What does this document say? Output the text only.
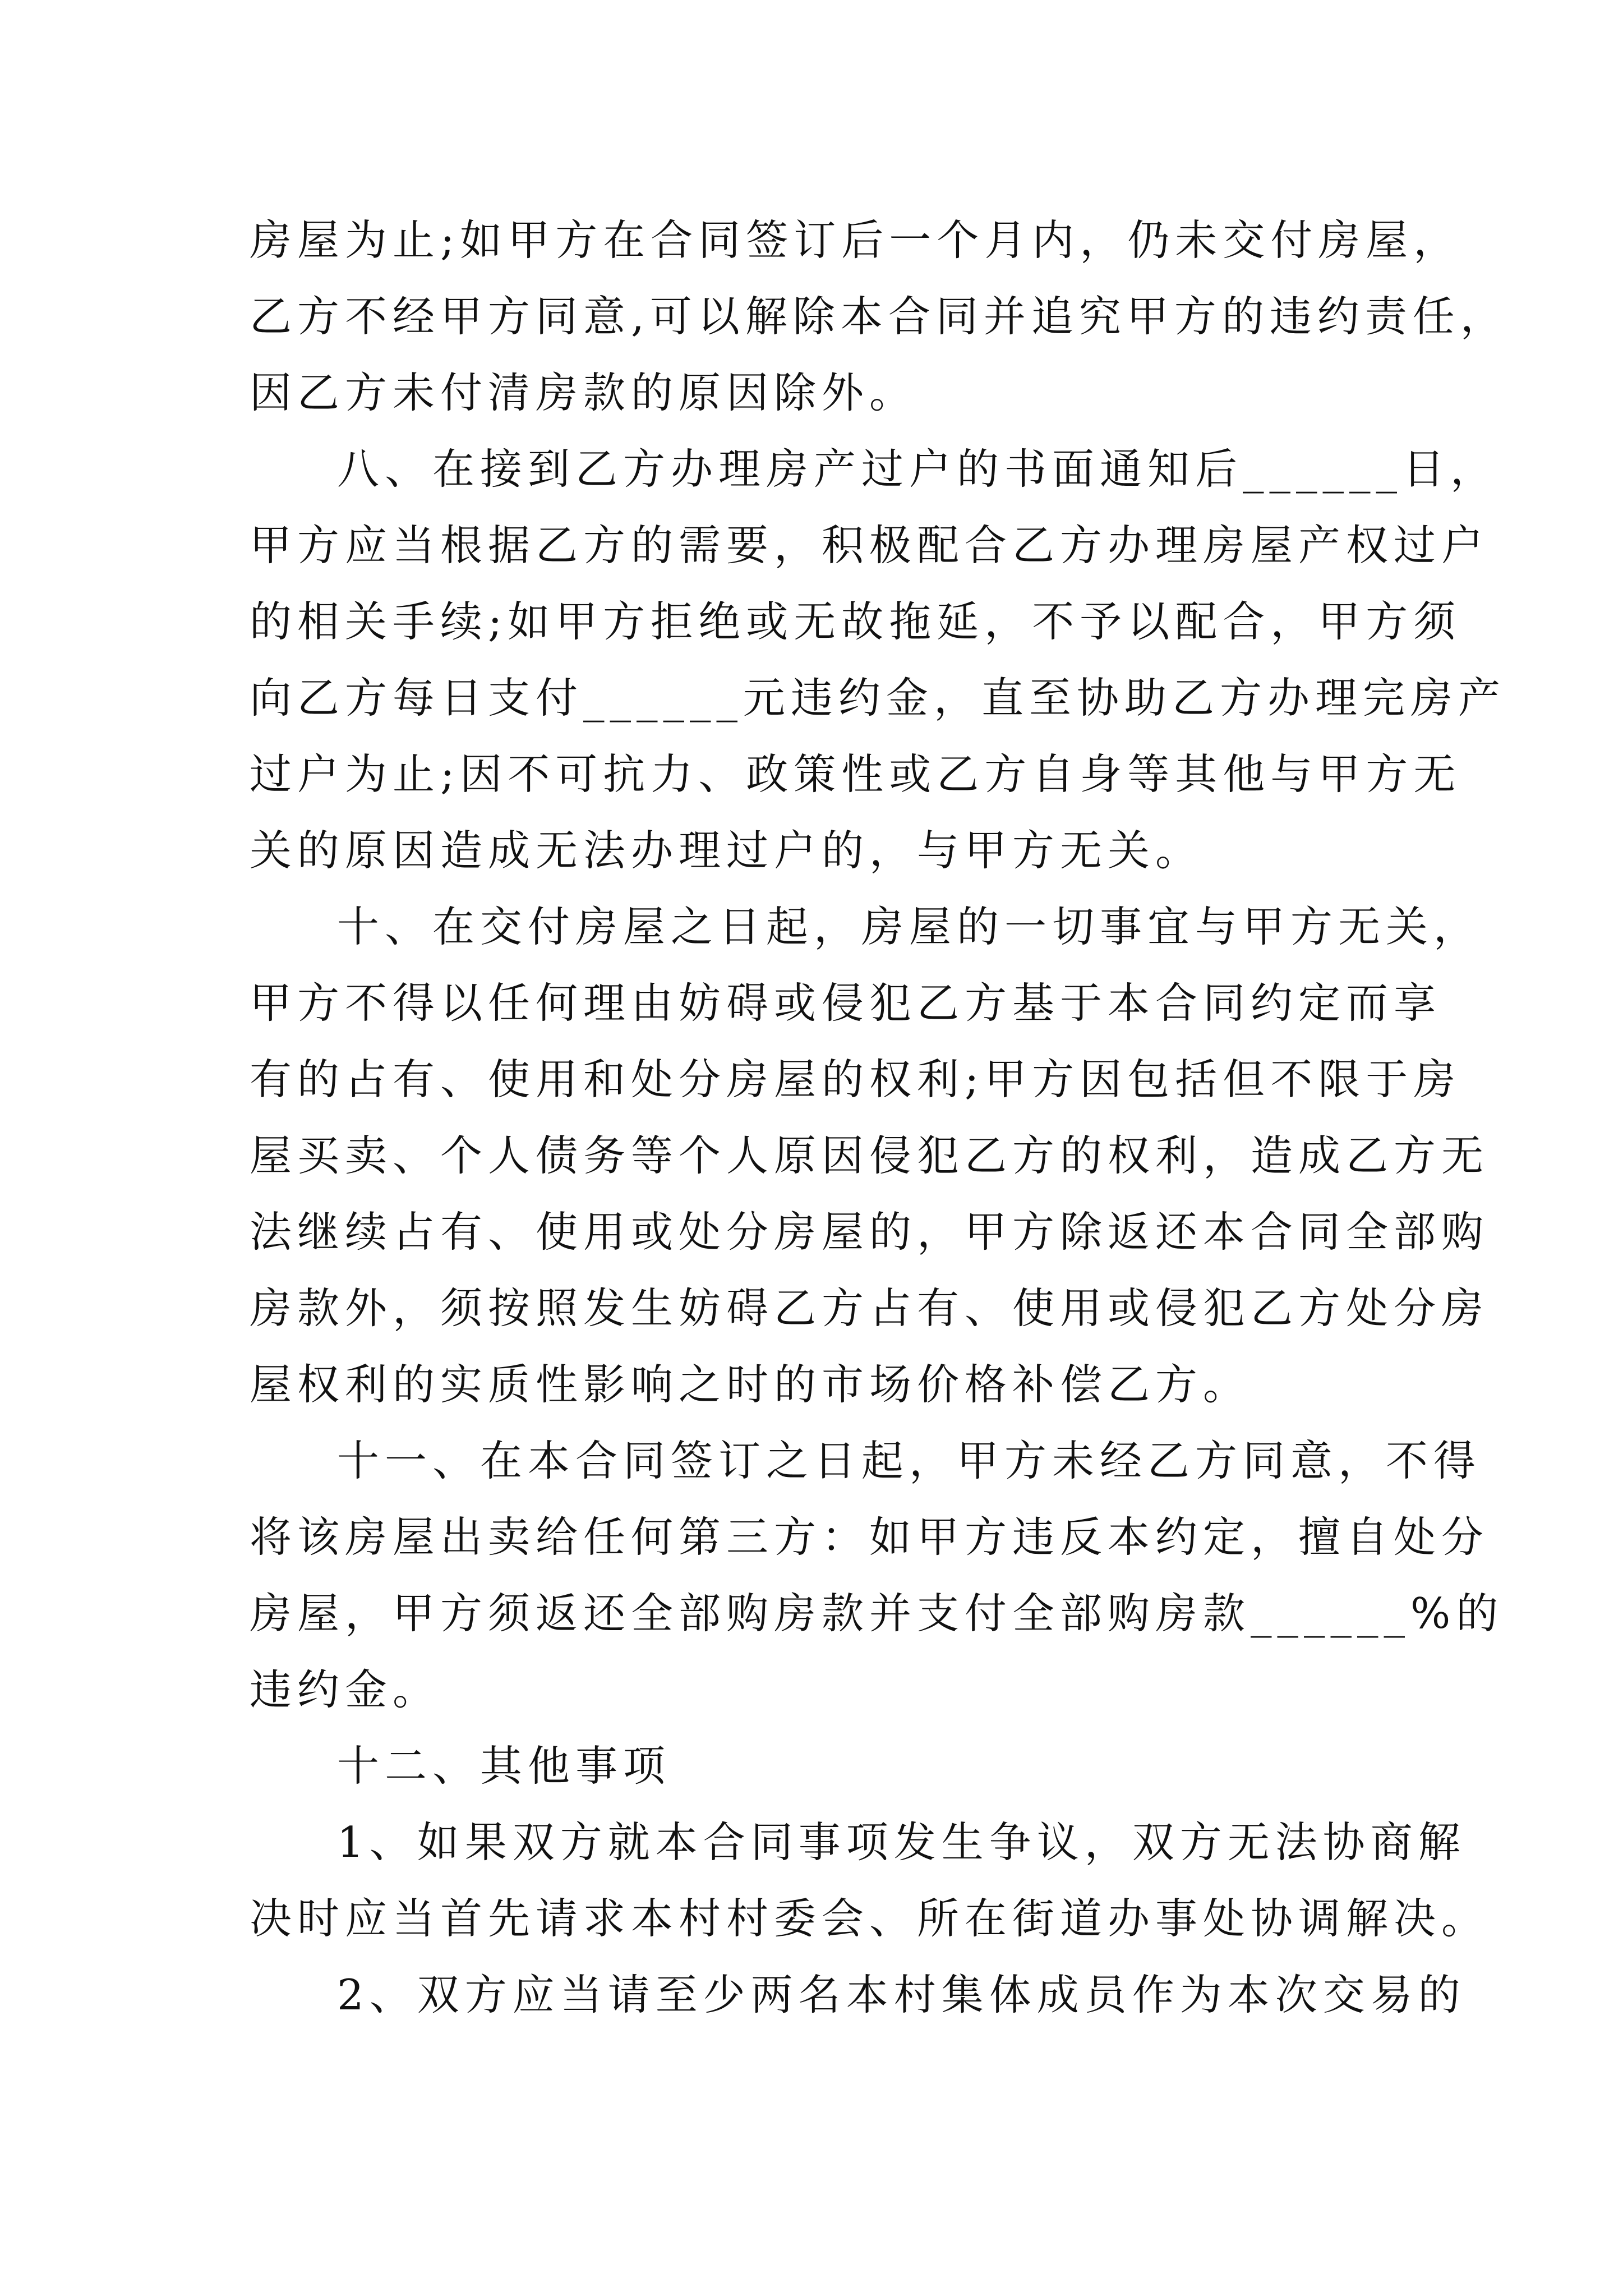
房屋为止;如甲方在合同签订后一个月内，仍未交付房屋，
乙方不经甲方同意,可以解除本合同并追究甲方的违约责任，
因乙方未付清房款的原因除外。
八、在接到乙方办理房产过户的书面通知后______日，
甲方应当根据乙方的需要，积极配合乙方办理房屋产权过户
的相关手续;如甲方拒绝或无故拖延，不予以配合，甲方须
向乙方每日支付______元违约金，直至协助乙方办理完房产
过户为止;因不可抗力、政策性或乙方自身等其他与甲方无
关的原因造成无法办理过户的，与甲方无关。
十、在交付房屋之日起，房屋的一切事宜与甲方无关，
甲方不得以任何理由妨碍或侵犯乙方基于本合同约定而享
有的占有、使用和处分房屋的权利;甲方因包括但不限于房
屋买卖、个人债务等个人原因侵犯乙方的权利，造成乙方无
法继续占有、使用或处分房屋的，甲方除返还本合同全部购
房款外，须按照发生妨碍乙方占有、使用或侵犯乙方处分房
屋权利的实质性影响之时的市场价格补偿乙方。
十一、在本合同签订之日起，甲方未经乙方同意，不得
将该房屋出卖给任何第三方：如甲方违反本约定，擅自处分
房屋，甲方须返还全部购房款并支付全部购房款______%的
违约金。
十二、其他事项
1、如果双方就本合同事项发生争议，双方无法协商解
决时应当首先请求本村村委会、所在街道办事处协调解决。
2、双方应当请至少两名本村集体成员作为本次交易的
